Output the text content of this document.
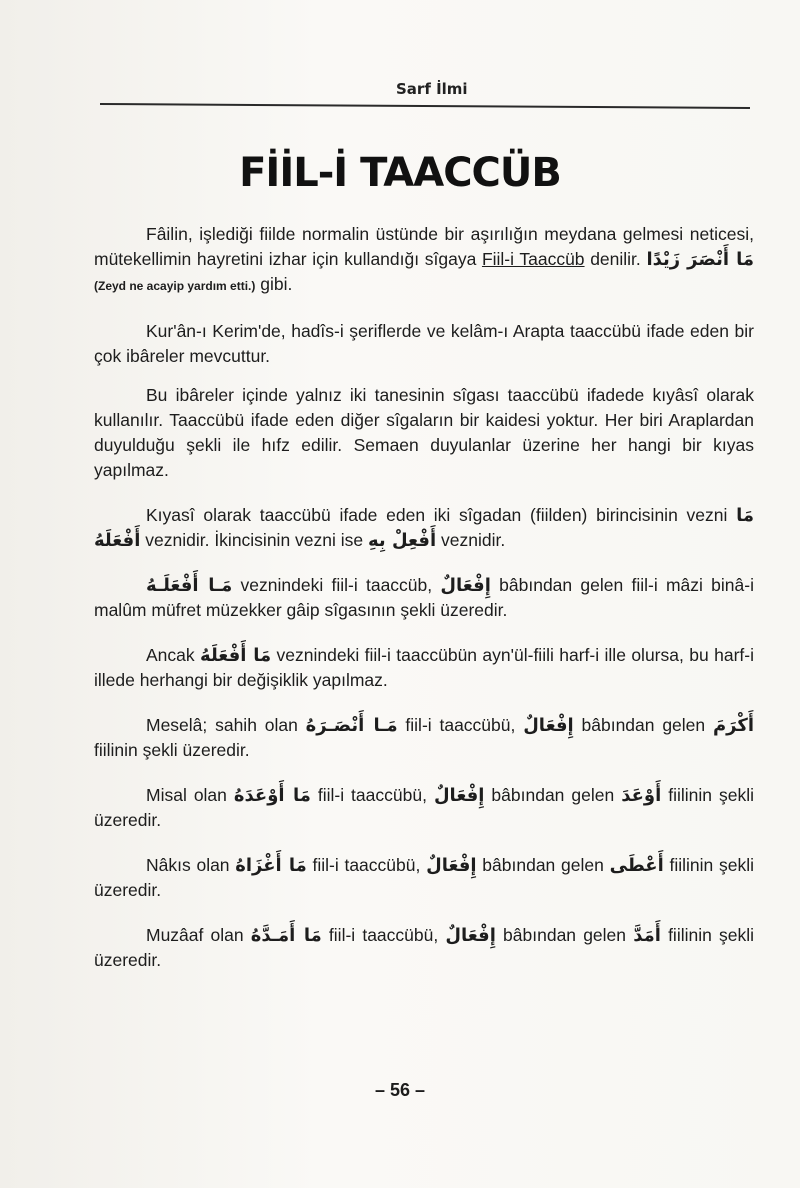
Sarf İlmi
FİİL-İ TAACCÜB

Fâilin, işlediği fiilde normalin üstünde bir aşırılığın meydana gelmesi neticesi, mütekellimin hayretini izhar için kullandığı sîgaya Fiil-i Taaccüb denilir. مَا أَنْصَرَ زَيْدًا (Zeyd ne acayip yardım etti.) gibi.

Kur'ân-ı Kerim'de, hadîs-i şeriflerde ve kelâm-ı Arapta taaccübü ifade eden bir çok ibâreler mevcuttur.

Bu ibâreler içinde yalnız iki tanesinin sîgası taaccübü ifadede kıyâsî olarak kullanılır. Taaccübü ifade eden diğer sîgaların bir kaidesi yoktur. Her biri Araplardan duyulduğu şekli ile hıfz edilir. Semaen duyulanlar üzerine her hangi bir kıyas yapılmaz.

Kıyasî olarak taaccübü ifade eden iki sîgadan (fiilden) birincisinin vezni مَا أَفْعَلَهُ veznidir. İkincisinin vezni ise أَفْعِلْ بِهِ veznidir.

مَـا أَفْعَلَـهُ veznindeki fiil-i taaccüb, إِفْعَالٌ bâbından gelen fiil-i mâzi binâ-i malûm müfret müzekker gâip sîgasının şekli üzeredir.

Ancak مَا أَفْعَلَهُ veznindeki fiil-i taaccübün ayn'ül-fiili harf-i ille olursa, bu harf-i illede herhangi bir değişiklik yapılmaz.

Meselâ; sahih olan مَـا أَنْصَـرَهُ fiil-i taaccübü, إِفْعَالٌ bâbından gelen أَكْرَمَ fiilinin şekli üzeredir.

Misal olan مَا أَوْعَدَهُ fiil-i taaccübü, إِفْعَالٌ bâbından gelen أَوْعَدَ fiilinin şekli üzeredir.

Nâkıs olan مَا أَغْزَاهُ fiil-i taaccübü, إِفْعَالٌ bâbından gelen أَعْطَى fiilinin şekli üzeredir.

Muzâaf olan مَا أَمَـدَّهُ fiil-i taaccübü, إِفْعَالٌ bâbından gelen أَمَدَّ fiilinin şekli üzeredir.

– 56 –
